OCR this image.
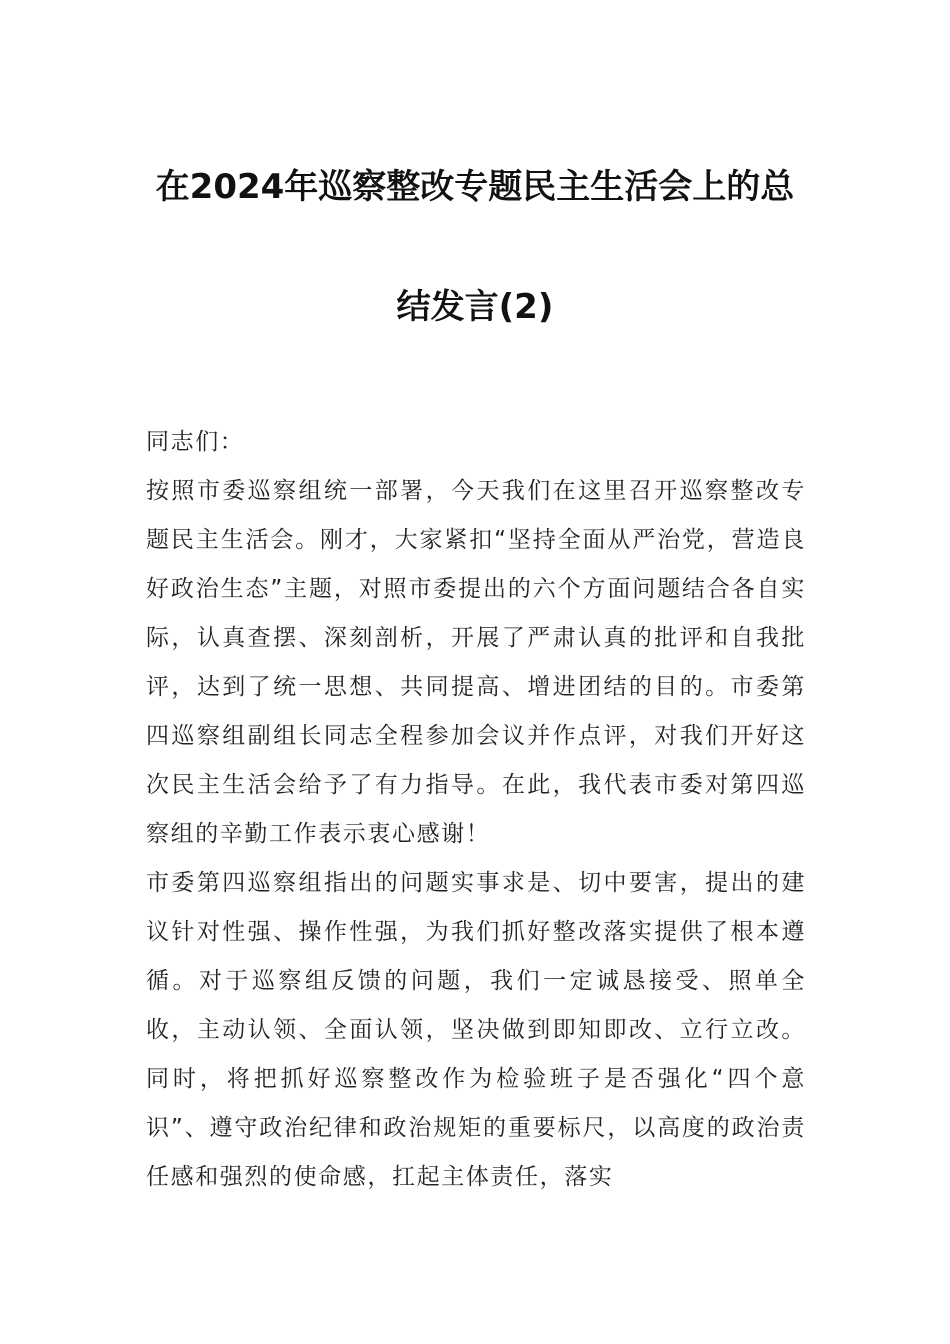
在2024年巡察整改专题民主生活会上的总
结发言(2)

同志们：

按照市委巡察组统一部署，今天我们在这里召开巡察整改专题民主生活会。刚才，大家紧扣“坚持全面从严治党，营造良好政治生态”主题，对照市委提出的六个方面问题结合各自实际，认真查摆、深刻剖析，开展了严肃认真的批评和自我批评，达到了统一思想、共同提高、增进团结的目的。市委第四巡察组副组长同志全程参加会议并作点评，对我们开好这次民主生活会给予了有力指导。在此，我代表市委对第四巡察组的辛勤工作表示衷心感谢！

市委第四巡察组指出的问题实事求是、切中要害，提出的建议针对性强、操作性强，为我们抓好整改落实提供了根本遵循。对于巡察组反馈的问题，我们一定诚恳接受、照单全收，主动认领、全面认领，坚决做到即知即改、立行立改。同时，将把抓好巡察整改作为检验班子是否强化“四个意识”、遵守政治纪律和政治规矩的重要标尺，以高度的政治责任感和强烈的使命感，扛起主体责任，落实
